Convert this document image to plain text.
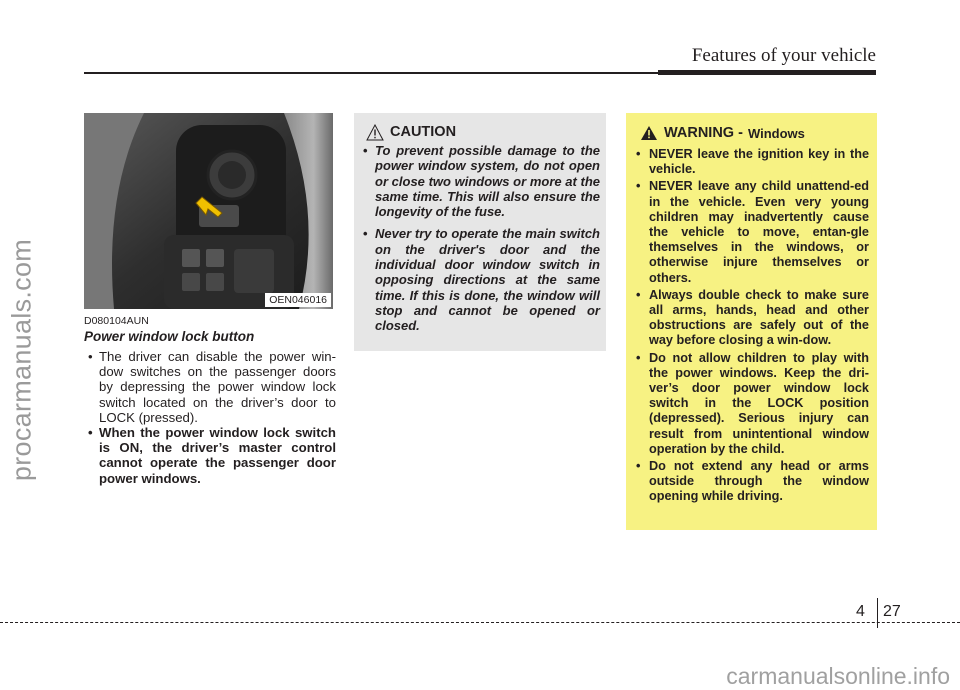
procarmanuals.com
Features of your vehicle
OEN046016
D080104AUN
Power window lock button
• The driver can disable the power win-dow switches on the passenger doors by depressing the power window lock switch located on the driver’s door to LOCK (pressed).
• When the power window lock switch is ON, the driver’s master control cannot operate the passenger door power windows.
CAUTION
• To prevent possible damage to the power window system, do not open or close two windows or more at the same time. This will also ensure the longevity of the fuse.
• Never try to operate the main switch on the driver's door and the individual door window switch in opposing directions at the same time. If this is done, the window will stop and cannot be opened or closed.
WARNING - Windows
• NEVER leave the ignition key in the vehicle.
• NEVER leave any child unattend-ed in the vehicle. Even very young children may inadvertently cause the vehicle to move, entan-gle themselves in the windows, or otherwise injure themselves or others.
• Always double check to make sure all arms, hands, head and other obstructions are safely out of the way before closing a win-dow.
• Do not allow children to play with the power windows. Keep the dri-ver’s door power window lock switch in the LOCK position (depressed). Serious injury can result from unintentional window operation by the child.
• Do not extend any head or arms outside through the window opening while driving.
4 27
carmanualsonline.info
